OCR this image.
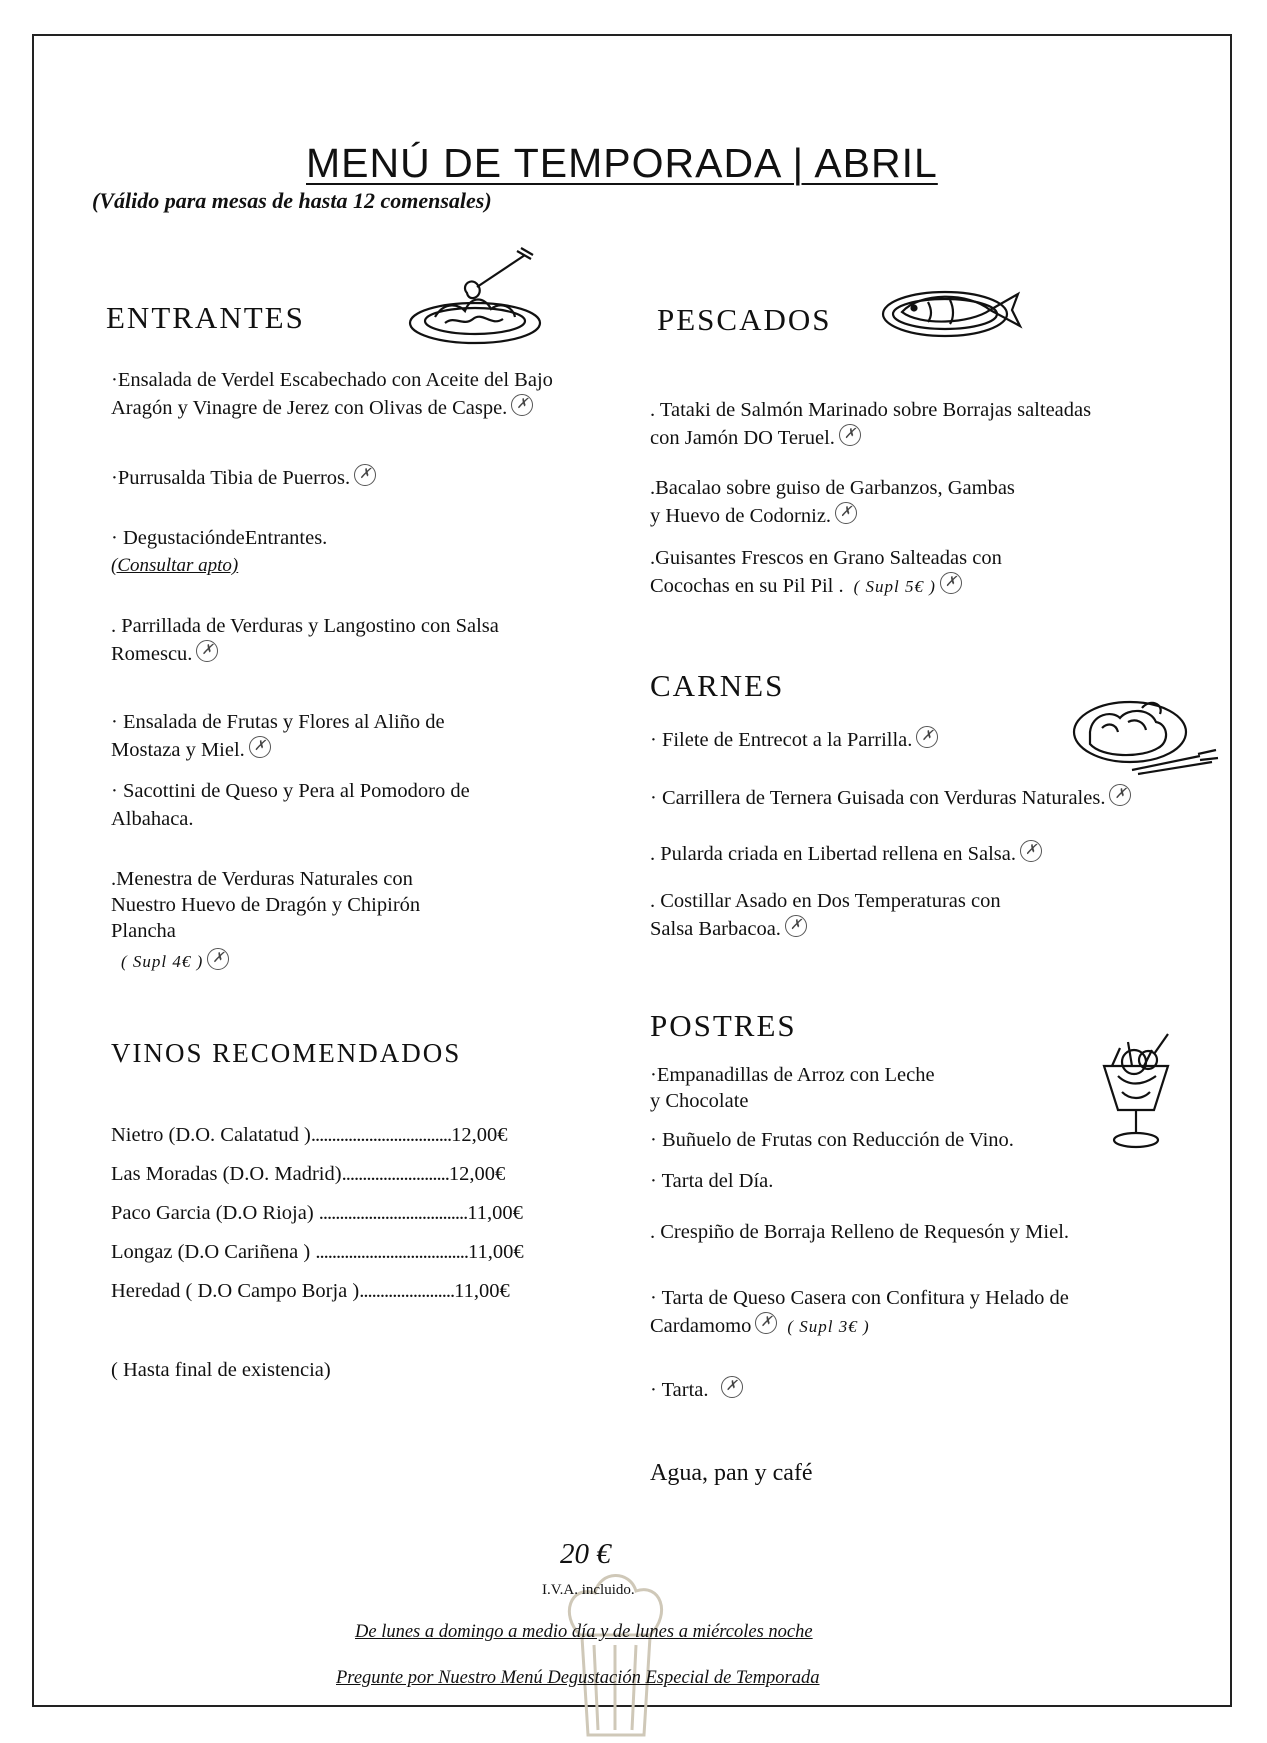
MENÚ DE TEMPORADA | ABRIL
(Válido para mesas de hasta 12 comensales)
ENTRANTES	PESCADOS
CARNES
POSTRES
VINOS RECOMENDADOS
·Ensalada de Verdel Escabechado con Aceite del Bajo
Aragón y Vinagre de Jerez con Olivas de Caspe. ✗
·Purrusalda Tibia de Puerros. ✗
· DegustacióndeEntrantes.
(Consultar apto)
. Parrillada de Verduras y Langostino con Salsa
Romescu. ✗
· Ensalada de Frutas y Flores al Aliño de
Mostaza y Miel. ✗
· Sacottini de Queso y Pera al Pomodoro de
Albahaca.
.Menestra de Verduras Naturales con
Nuestro Huevo de Dragón y Chipirón
Plancha
( Supl 4€ ) ✗
Nietro (D.O. Calatatud )..................................12,00€
Las Moradas (D.O. Madrid)..........................12,00€
Paco Garcia (D.O Rioja) ....................................11,00€
Longaz (D.O Cariñena ) .....................................11,00€
Heredad ( D.O Campo Borja ).......................11,00€
( Hasta final de existencia)
. Tataki de Salmón Marinado sobre Borrajas salteadas
con Jamón DO Teruel. ✗
.Bacalao sobre guiso de Garbanzos, Gambas
y Huevo de Codorniz. ✗
.Guisantes Frescos en Grano Salteadas con
Cocochas en su Pil Pil . ( Supl 5€ ) ✗
· Filete de Entrecot a la Parrilla. ✗
· Carrillera de Ternera Guisada con Verduras Naturales. ✗
. Pularda criada en Libertad rellena en Salsa. ✗
. Costillar Asado en Dos Temperaturas con
Salsa Barbacoa. ✗
·Empanadillas de Arroz con Leche
y Chocolate
· Buñuelo de Frutas con Reducción de Vino.
· Tarta del Día.
. Crespiño de Borraja Relleno de Requesón y Miel.
· Tarta de Queso Casera con Confitura y Helado de
Cardamomo ✗ ( Supl 3€ )
· Tarta. ✗
Agua, pan y café
20 €
I.V.A. incluido.
De lunes a domingo a medio día y de lunes a miércoles noche
Pregunte por Nuestro Menú Degustación Especial de Temporada
